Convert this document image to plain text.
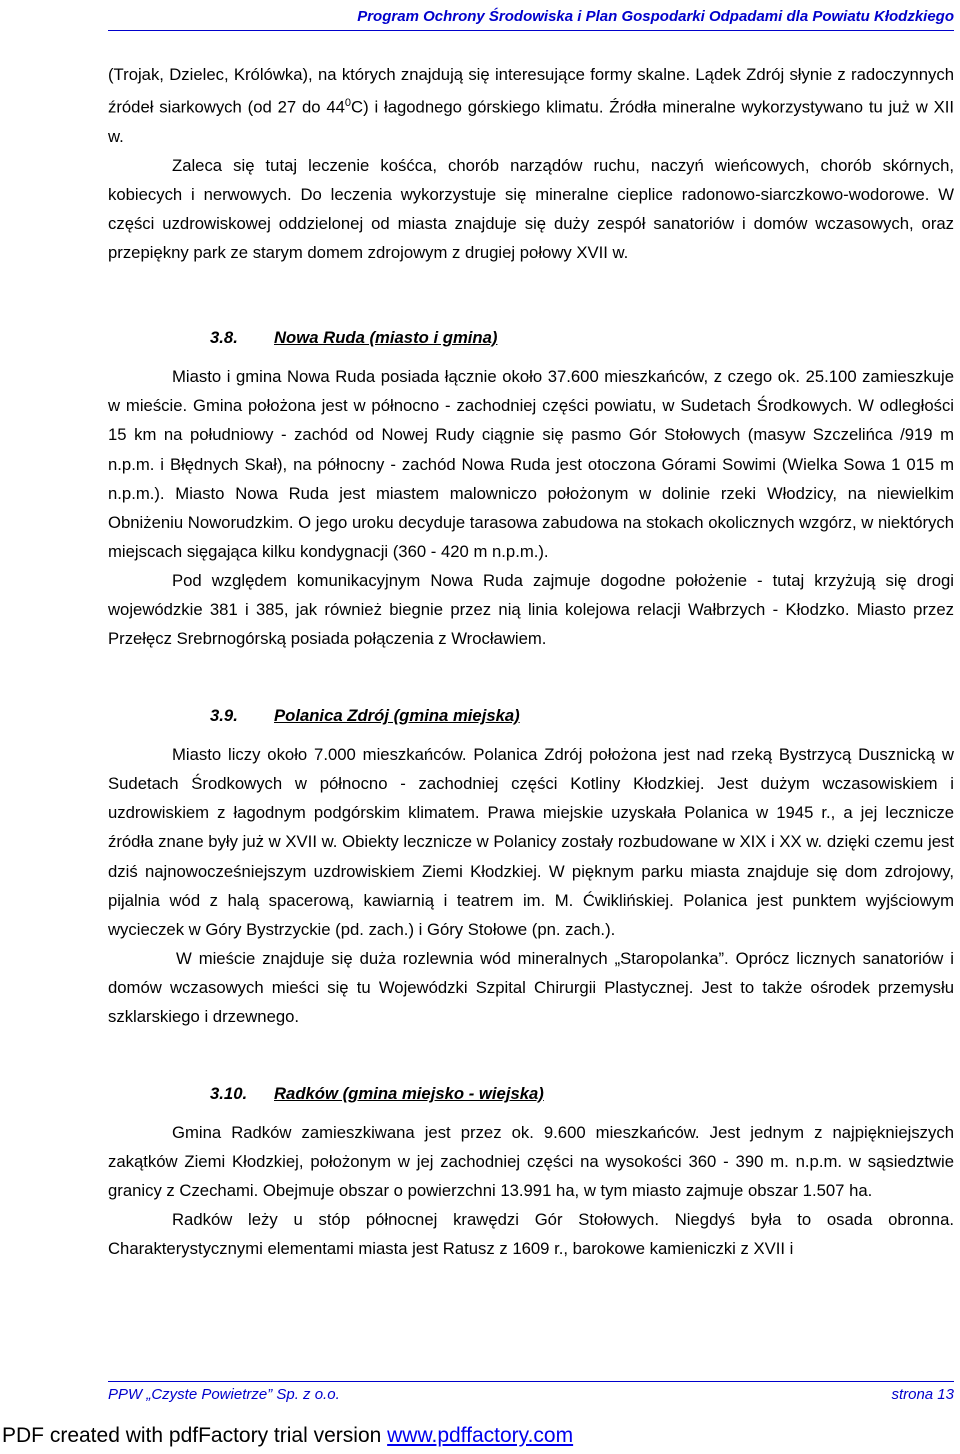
Program Ochrony Środowiska i Plan Gospodarki Odpadami dla Powiatu Kłodzkiego

(Trojak, Dzielec, Królówka), na których znajdują się interesujące formy skalne. Lądek Zdrój słynie z radoczynnych źródeł siarkowych (od 27 do $44^0C$) i łagodnego górskiego klimatu. Źródła mineralne wykorzystywano tu już w XII w.

Zaleca się tutaj leczenie kośćca, chorób narządów ruchu, naczyń wieńcowych, chorób skórnych, kobiecych i nerwowych. Do leczenia wykorzystuje się mineralne cieplice radonowo-siarczkowo-wodorowe. W części uzdrowiskowej oddzielonej od miasta znajduje się duży zespół sanatoriów i domów wczasowych, oraz przepiękny park ze starym domem zdrojowym z drugiej połowy XVII w.

3.8. Nowa Ruda (miasto i gmina)

Miasto i gmina Nowa Ruda posiada łącznie około 37.600 mieszkańców, z czego ok. 25.100 zamieszkuje w mieście. Gmina położona jest w północno - zachodniej części powiatu, w Sudetach Środkowych. W odległości 15 km na południowy - zachód od Nowej Rudy ciągnie się pasmo Gór Stołowych (masyw Szczelińca /919 m n.p.m. i Błędnych Skał), na północny - zachód Nowa Ruda jest otoczona Górami Sowimi (Wielka Sowa 1 015 m n.p.m.). Miasto Nowa Ruda jest miastem malowniczo położonym w dolinie rzeki Włodzicy, na niewielkim Obniżeniu Noworudzkim. O jego uroku decyduje tarasowa zabudowa na stokach okolicznych wzgórz, w niektórych miejscach sięgająca kilku kondygnacji (360 - 420 m n.p.m.).

Pod względem komunikacyjnym Nowa Ruda zajmuje dogodne położenie - tutaj krzyżują się drogi wojewódzkie 381 i 385, jak również biegnie przez nią linia kolejowa relacji Wałbrzych - Kłodzko. Miasto przez Przełęcz Srebrnogórską posiada połączenia z Wrocławiem.

3.9. Polanica Zdrój (gmina miejska)

Miasto liczy około 7.000 mieszkańców. Polanica Zdrój położona jest nad rzeką Bystrzycą Dusznicką w Sudetach Środkowych w północno - zachodniej części Kotliny Kłodzkiej. Jest dużym wczasowiskiem i uzdrowiskiem z łagodnym podgórskim klimatem. Prawa miejskie uzyskała Polanica w 1945 r., a jej lecznicze źródła znane były już w XVII w. Obiekty lecznicze w Polanicy zostały rozbudowane w XIX i XX w. dzięki czemu jest dziś najnowocześniejszym uzdrowiskiem Ziemi Kłodzkiej. W pięknym parku miasta znajduje się dom zdrojowy, pijalnia wód z halą spacerową, kawiarnią i teatrem im. M. Ćwiklińskiej. Polanica jest punktem wyjściowym wycieczek w Góry Bystrzyckie (pd. zach.) i Góry Stołowe (pn. zach.).

W mieście znajduje się duża rozlewnia wód mineralnych „Staropolanka”. Oprócz licznych sanatoriów i domów wczasowych mieści się tu Wojewódzki Szpital Chirurgii Plastycznej. Jest to także ośrodek przemysłu szklarskiego i drzewnego.

3.10. Radków (gmina miejsko - wiejska)

Gmina Radków zamieszkiwana jest przez ok. 9.600 mieszkańców. Jest jednym z najpiękniejszych zakątków Ziemi Kłodzkiej, położonym w jej zachodniej części na wysokości 360 - 390 m. n.p.m. w sąsiedztwie granicy z Czechami. Obejmuje obszar o powierzchni 13.991 ha, w tym miasto zajmuje obszar 1.507 ha.

Radków leży u stóp północnej krawędzi Gór Stołowych. Niegdyś była to osada obronna. Charakterystycznymi elementami miasta jest Ratusz z 1609 r., barokowe kamieniczki z XVII i

PPW „Czyste Powietrze” Sp. z o.o.	strona 13
PDF created with pdfFactory trial version www.pdffactory.com
